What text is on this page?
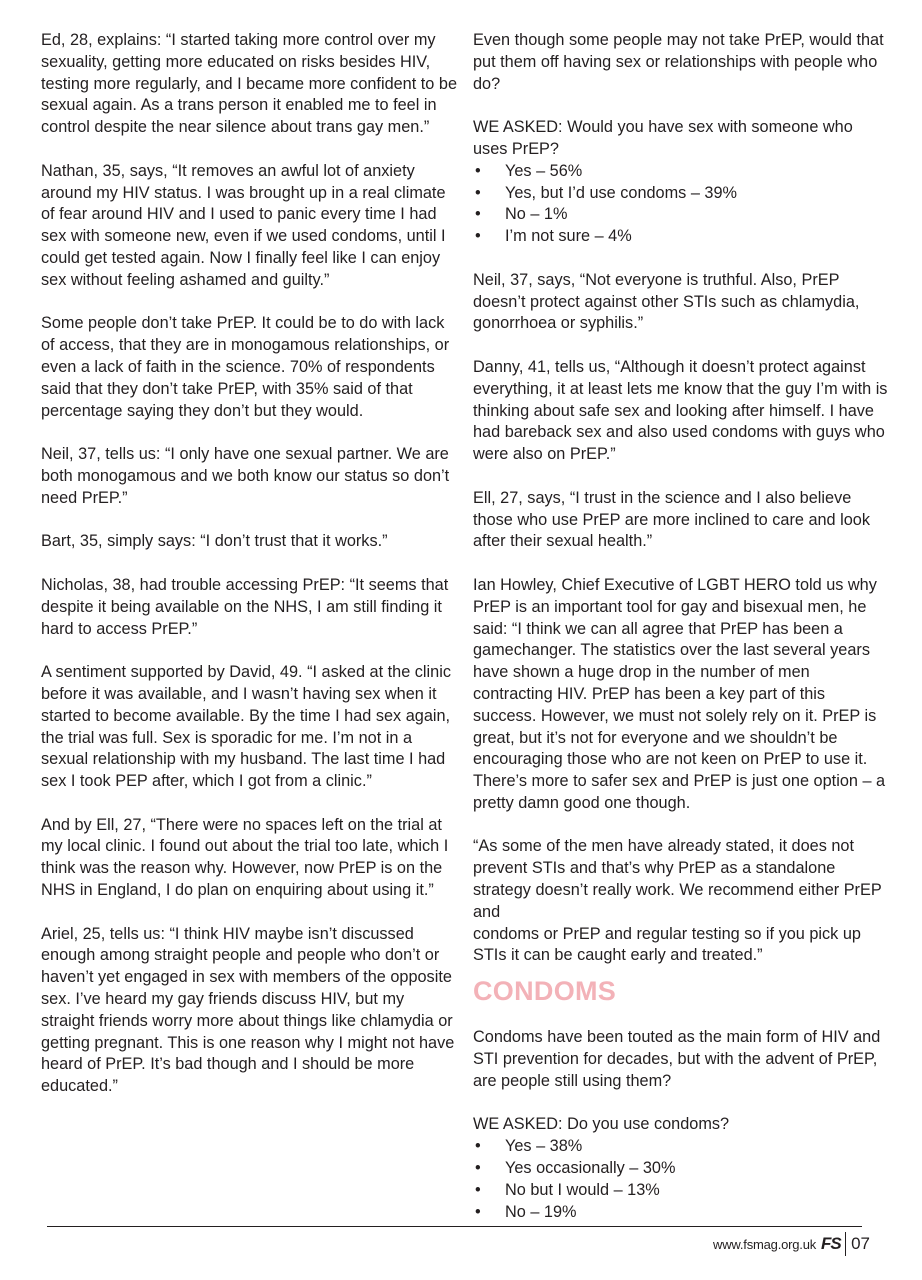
Ed, 28, explains: “I started taking more control over my sexuality, getting more educated on risks besides HIV, testing more regularly, and I became more confident to be sexual again. As a trans person it enabled me to feel in control despite the near silence about trans gay men.”

Nathan, 35, says, “It removes an awful lot of anxiety around my HIV status. I was brought up in a real climate of fear around HIV and I used to panic every time I had sex with someone new, even if we used condoms, until I could get tested again. Now I finally feel like I can enjoy sex without feeling ashamed and guilty.”

Some people don’t take PrEP. It could be to do with lack of access, that they are in monogamous relationships, or even a lack of faith in the science. 70% of respondents said that they don’t take PrEP, with 35% said of that

percentage saying they don’t but they would.

Neil, 37, tells us: “I only have one sexual partner. We are both monogamous and we both know our status so don’t need PrEP.”

Bart, 35, simply says: “I don’t trust that it works.”

Nicholas, 38, had trouble accessing PrEP: “It seems that despite it being available on the NHS, I am still finding it hard to access PrEP.”

A sentiment supported by David, 49. “I asked at the clinic before it was available, and I wasn’t having sex when it started to become available. By the time I had sex again, the trial was full. Sex is sporadic for me. I’m not in a sexual relationship with my husband. The last time I had sex I took PEP after, which I got from a clinic.”

And by Ell, 27, “There were no spaces left on the trial at my local clinic. I found out about the trial too late, which I think was the reason why. However, now PrEP is on the NHS in England, I do plan on enquiring about using it.”

Ariel, 25, tells us: “I think HIV maybe isn’t discussed enough among straight people and people who don’t or haven’t yet engaged in sex with members of the opposite sex. I’ve heard my gay friends discuss HIV, but my straight friends worry more about things like chlamydia or getting pregnant. This is one reason why I might not have heard of PrEP. It’s bad though and I should be more educated.”

Even though some people may not take PrEP, would that put them off having sex or relationships with people who do?

WE ASKED: Would you have sex with someone who uses PrEP?

• Yes – 56%
• Yes, but I’d use condoms – 39%
• No – 1%
• I’m not sure – 4%

Neil, 37, says, “Not everyone is truthful. Also, PrEP doesn’t protect against other STIs such as chlamydia, gonorrhoea or syphilis.”

Danny, 41, tells us, “Although it doesn’t protect against everything, it at least lets me know that the guy I’m with is thinking about safe sex and looking after himself. I have had bareback sex and also used condoms with guys who were also on PrEP.”

Ell, 27, says, “I trust in the science and I also believe those who use PrEP are more inclined to care and look after their sexual health.”

Ian Howley, Chief Executive of LGBT HERO told us why PrEP is an important tool for gay and bisexual men, he said: “I think we can all agree that PrEP has been a gamechanger. The statistics over the last several years have shown a huge drop in the number of men contracting HIV. PrEP has been a key part of this success. However, we must not solely rely on it. PrEP is great, but it’s not for everyone and we shouldn’t be encouraging those who are not keen on PrEP to use it. There’s more to safer sex and PrEP is just one option – a pretty damn good one though.

“As some of the men have already stated, it does not prevent STIs and that’s why PrEP as a standalone strategy doesn’t really work. We recommend either PrEP and

condoms or PrEP and regular testing so if you pick up STIs it can be caught early and treated.”

CONDOMS

Condoms have been touted as the main form of HIV and STI prevention for decades, but with the advent of PrEP, are people still using them?

WE ASKED: Do you use condoms?

• Yes – 38%
• Yes occasionally – 30%
• No but I would – 13%
• No – 19%
www.fsmag.org.uk FS 07
